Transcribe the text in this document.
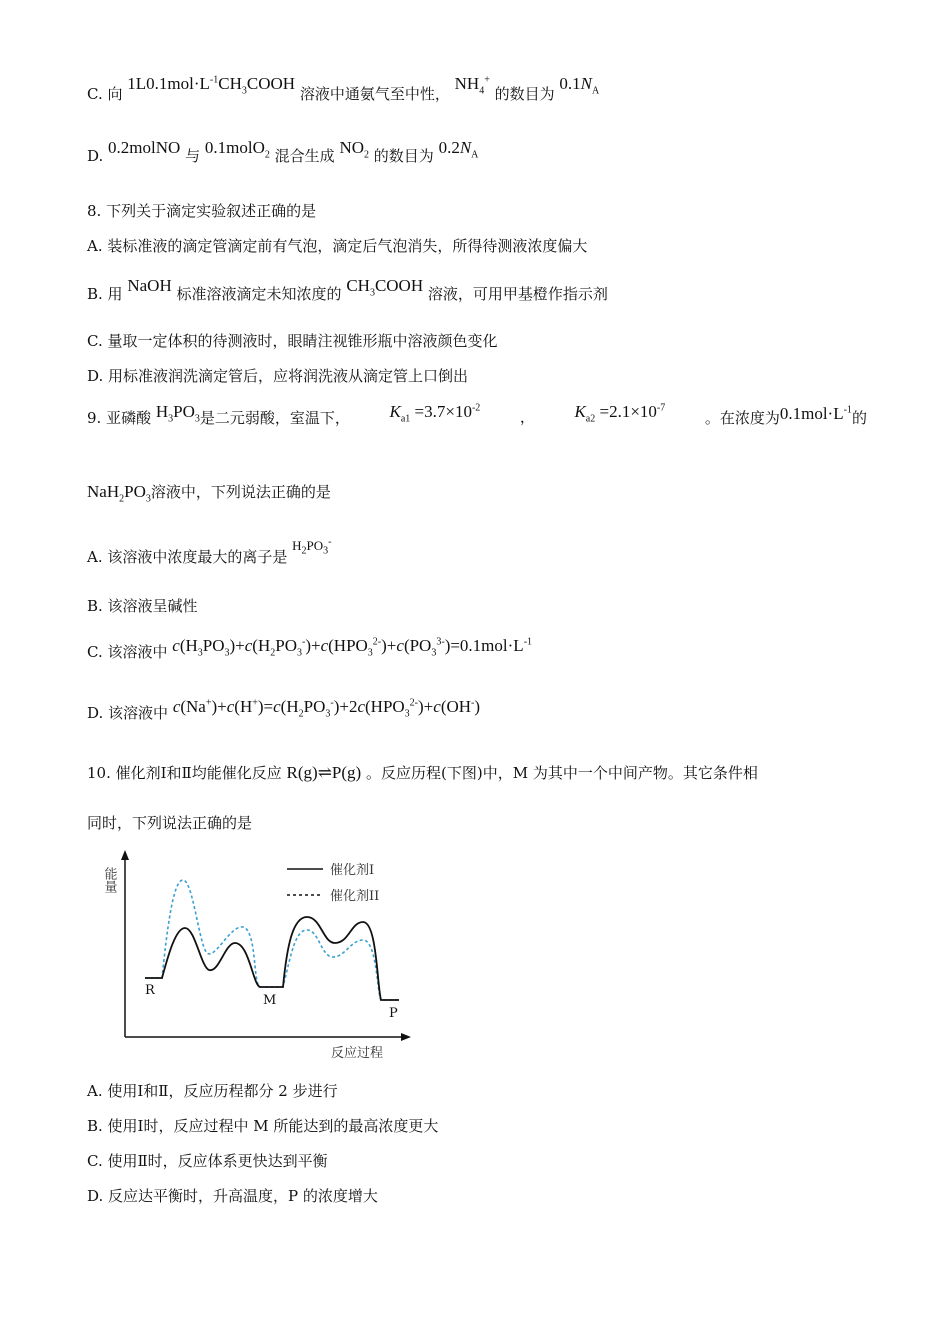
C. 向 $1L0.1mol\cdot L^{-1}CH_3COOH$ 溶液中通氨气至中性， $NH_4^+$ 的数目为 $0.1N_A$
D. 0.2molNO 与 0.1molO$_2$ 混合生成 $NO_2$ 的数目为 $0.2N_A$
8. 下列关于滴定实验叙述正确的是
A. 装标准液的滴定管滴定前有气泡，滴定后气泡消失，所得待测液浓度偏大
B. 用 NaOH 标准溶液滴定未知浓度的 $CH_3COOH$ 溶液，可用甲基橙作指示剂
C. 量取一定体积的待测液时，眼睛注视锥形瓶中溶液颜色变化
D. 用标准液润洗滴定管后，应将润洗液从滴定管上口倒出
9. 亚磷酸 $H_3PO_3$是二元弱酸，室温下， $K_{a1} =3.7\times 10^{-2}$
， $K_{a2} =2.1\times 10^{-7}$
。在浓度为$0.1mol\cdot L^{-1}$的
$NaH_2PO_3$溶液中，下列说法正确的是
A. 该溶液中浓度最大的离子是 $H_2PO_3^-$
B. 该溶液呈碱性
C. 该溶液中 $c(H_3PO_3)+c(H_2PO_3^-)+c(HPO_3^{2-})+c(PO_3^{3-})=0.1mol\cdot L^{-1}$
D. 该溶液中 $c(Na^+)+c(H^+)=c(H_2PO_3^-)+2c(HPO_3^{2-})+c(OH^-)$
10. 催化剂Ⅰ和Ⅱ均能催化反应 R(g)⇌P(g) 。反应历程(下图)中，M 为其中一个中间产物。其它条件相
同时，下列说法正确的是
能量	催化剂I
催化剂II
R
M
P
反应过程
A. 使用Ⅰ和Ⅱ，反应历程都分 2 步进行
B. 使用Ⅰ时，反应过程中 M 所能达到的最高浓度更大
C. 使用Ⅱ时，反应体系更快达到平衡
D. 反应达平衡时，升高温度，P 的浓度增大
